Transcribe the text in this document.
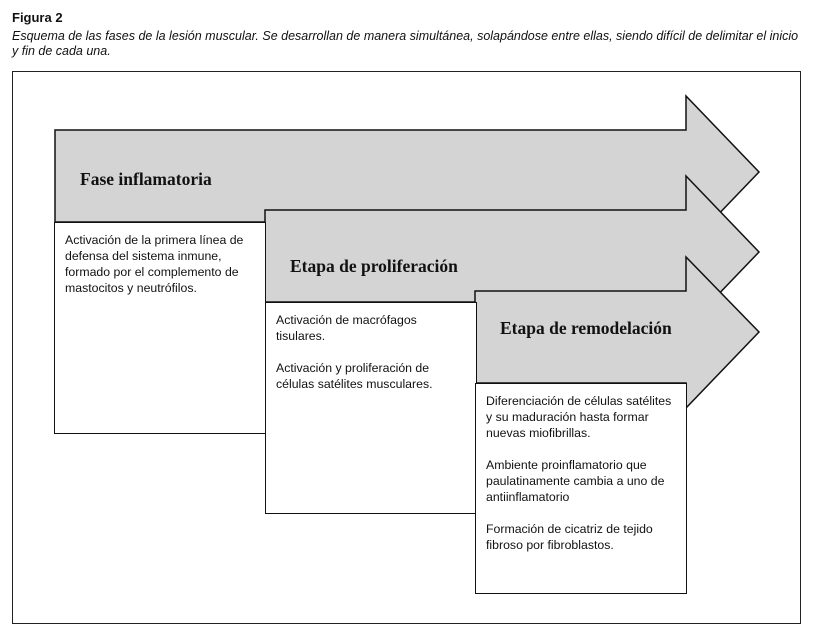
Figura 2
Esquema de las fases de la lesión muscular. Se desarrollan de manera simultánea, solapándose entre ellas, siendo difícil de delimitar el inicio y fin de cada una.
Fase inflamatoria

Activación de la primera línea de defensa del sistema inmune, formado por el complemento de mastocitos y neutrófilos.

Etapa de proliferación

Activación de macrófagos tisulares.

Activación y proliferación de células satélites musculares.

Etapa de remodelación

Diferenciación de células satélites y su maduración hasta formar nuevas miofibrillas.

Ambiente proinflamatorio que paulatinamente cambia a uno de antiinflamatorio

Formación de cicatriz de tejido fibroso por fibroblastos.
